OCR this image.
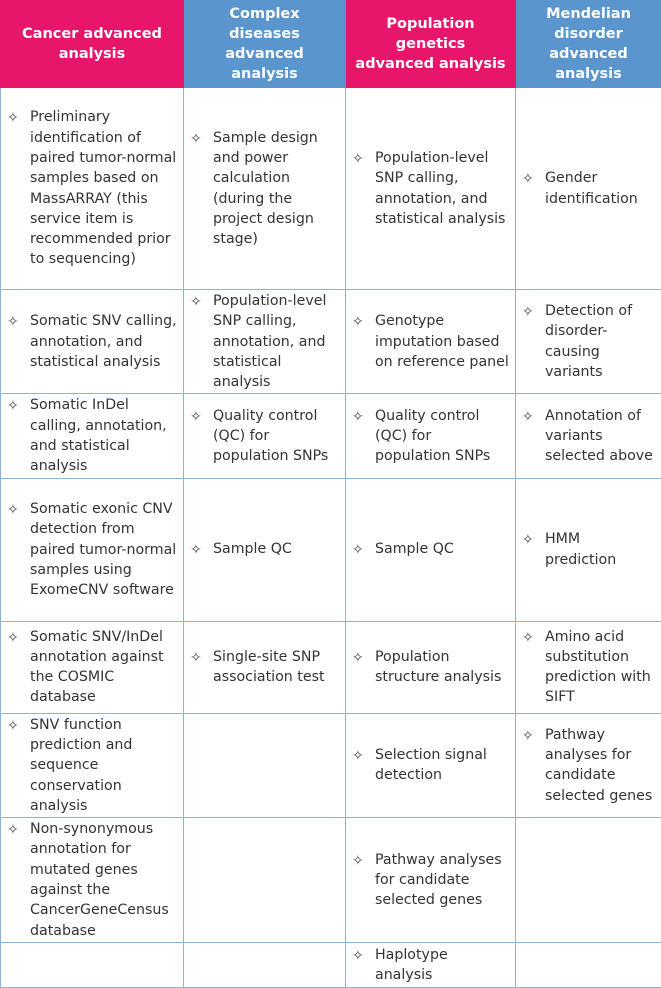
Cancer advanced analysis	Complex diseases advanced analysis	Population genetics advanced analysis	Mendelian disorder advanced analysis

✧ Preliminary identification of paired tumor-normal samples based on MassARRAY (this service item is recommended prior to sequencing)	✧ Sample design and power calculation (during the project design stage)	✧ Population-level SNP calling, annotation, and statistical analysis	✧ Gender identification

✧ Somatic SNV calling, annotation, and statistical analysis	✧ Population-level SNP calling, annotation, and statistical analysis	✧ Genotype imputation based on reference panel	✧ Detection of disorder-causing variants

✧ Somatic InDel calling, annotation, and statistical analysis	✧ Quality control (QC) for population SNPs	✧ Quality control (QC) for population SNPs	✧ Annotation of variants selected above

✧ Somatic exonic CNV detection from paired tumor-normal samples using ExomeCNV software	✧ Sample QC	✧ Sample QC	✧ HMM prediction

✧ Somatic SNV/InDel annotation against the COSMIC database	✧ Single-site SNP association test	✧ Population structure analysis	✧ Amino acid substitution prediction with SIFT

✧ SNV function prediction and sequence conservation analysis		✧ Selection signal detection	✧ Pathway analyses for candidate selected genes

✧ Non-synonymous annotation for mutated genes against the CancerGeneCensus database		✧ Pathway analyses for candidate selected genes	

		✧ Haplotype analysis	
